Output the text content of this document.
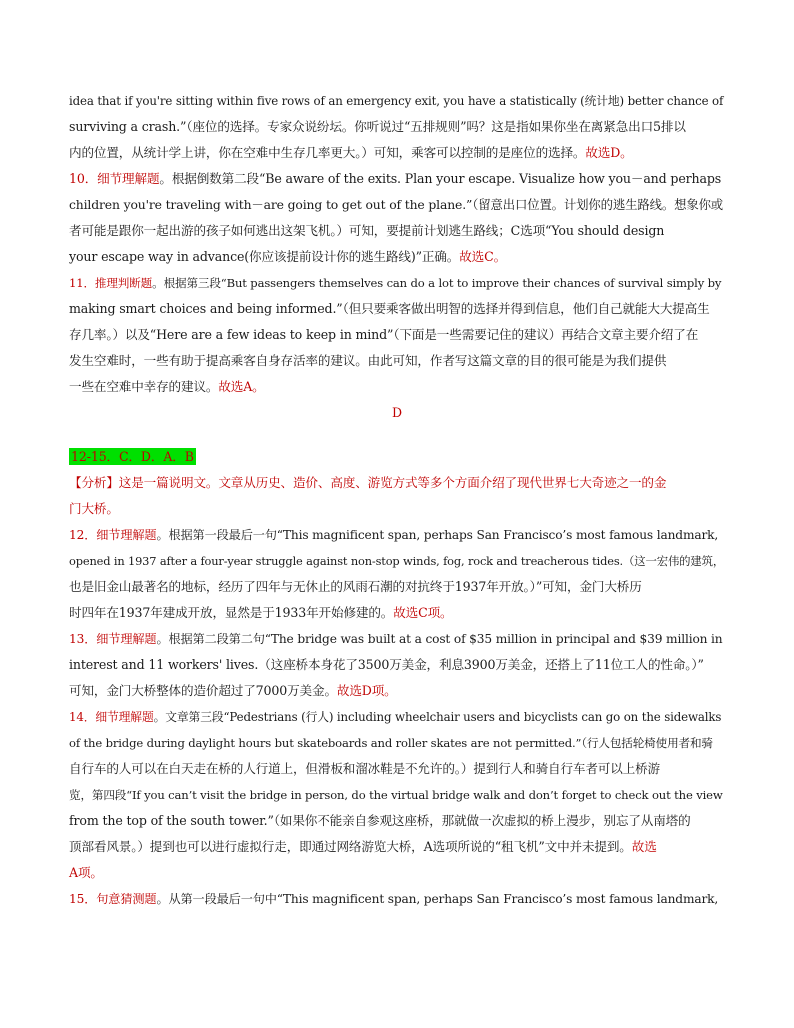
idea that if you're sitting within five rows of an emergency exit, you have a statistically (统计地) better chance of
surviving a crash.”（座位的选择。专家众说纷坛。你听说过“五排规则”吗？这是指如果你坐在离紧急出口5排以
内的位置，从统计学上讲，你在空难中生存几率更大。）可知，乘客可以控制的是座位的选择。故选D。
10．细节理解题。根据倒数第二段“Be aware of the exits. Plan your escape. Visualize how you－and perhaps
children you're traveling with－are going to get out of the plane.”（留意出口位置。计划你的逃生路线。想象你或
者可能是跟你一起出游的孩子如何逃出这架飞机。）可知，要提前计划逃生路线；C选项“You should design
your escape way in advance(你应该提前设计你的逃生路线)”正确。故选C。
11．推理判断题。根据第三段“But passengers themselves can do a lot to improve their chances of survival simply by
making smart choices and being informed.”（但只要乘客做出明智的选择并得到信息，他们自己就能大大提高生
存几率。）以及“Here are a few ideas to keep in mind”（下面是一些需要记住的建议）再结合文章主要介绍了在
发生空难时，一些有助于提高乘客自身存活率的建议。由此可知，作者写这篇文章的目的很可能是为我们提供
一些在空难中幸存的建议。故选A。
D
12-15．C．D．A．B
【分析】这是一篇说明文。文章从历史、造价、高度、游览方式等多个方面介绍了现代世界七大奇迹之一的金
门大桥。
12．细节理解题。根据第一段最后一句“This magnificent span, perhaps San Francisco’s most famous landmark,
opened in 1937 after a four-year struggle against non-stop winds, fog, rock and treacherous tides.（这一宏伟的建筑，
也是旧金山最著名的地标，经历了四年与无休止的风雨石潮的对抗终于1937年开放。）”可知，金门大桥历
时四年在1937年建成开放，显然是于1933年开始修建的。故选C项。
13．细节理解题。根据第二段第二句“The bridge was built at a cost of $35 million in principal and $39 million in
interest and 11 workers' lives.（这座桥本身花了3500万美金，利息3900万美金，还搭上了11位工人的性命。）”
可知，金门大桥整体的造价超过了7000万美金。故选D项。
14．细节理解题。文章第三段“Pedestrians (行人) including wheelchair users and bicyclists can go on the sidewalks
of the bridge during daylight hours but skateboards and roller skates are not permitted.”（行人包括轮椅使用者和骑
自行车的人可以在白天走在桥的人行道上，但滑板和溜冰鞋是不允许的。）提到行人和骑自行车者可以上桥游
览，第四段“If you can’t visit the bridge in person, do the virtual bridge walk and don’t forget to check out the view
from the top of the south tower.”（如果你不能亲自参观这座桥，那就做一次虚拟的桥上漫步，别忘了从南塔的
顶部看风景。）提到也可以进行虚拟行走，即通过网络游览大桥，A选项所说的“租飞机”文中并未提到。故选
A项。
15．句意猜测题。从第一段最后一句中“This magnificent span, perhaps San Francisco’s most famous landmark,
